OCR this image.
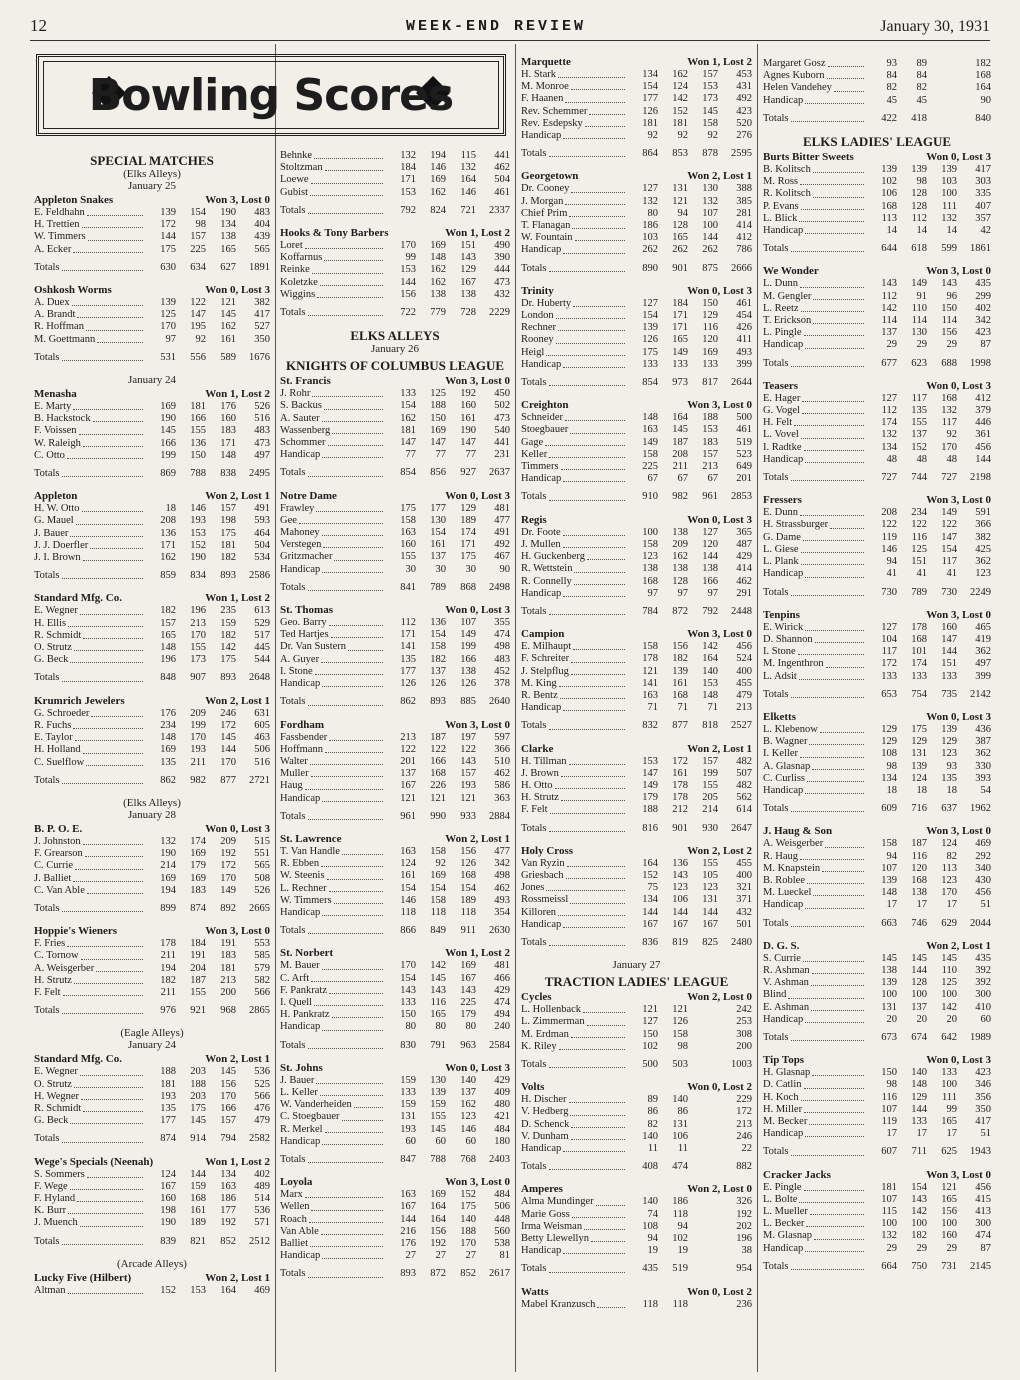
12	WEEK-END REVIEW	January 30, 1931
Bowling Scores
SPECIAL MATCHES
(Elks Alleys)
January 25
Appleton Snakes	Won 3, Lost 0
E. Feldhahn	139	154	190	483
H. Trettien	172	98	134	404
W. Timmers	144	157	138	439
A. Ecker	175	225	165	565
Totals	630	634	627	1891
Oshkosh Worms	Won 0, Lost 3
A. Duex	139	122	121	382
A. Brandt	125	147	145	417
R. Hoffman	170	195	162	527
M. Goettmann	97	92	161	350
Totals	531	556	589	1676
January 24
Menasha	Won 1, Lost 2
E. Marty	169	181	176	526
B. Hackstock	190	166	160	516
F. Voissen	145	155	183	483
W. Raleigh	166	136	171	473
C. Otto	199	150	148	497
Totals	869	788	838	2495
Appleton	Won 2, Lost 1
H. W. Otto	18	146	157	491
G. Mauel	208	193	198	593
J. Bauer	136	153	175	464
J. J. Doerfler	171	152	181	504
J. I. Brown	162	190	182	534
Totals	859	834	893	2586
Standard Mfg. Co.	Won 1, Lost 2
E. Wegner	182	196	235	613
H. Ellis	157	213	159	529
R. Schmidt	165	170	182	517
O. Strutz	148	155	142	445
G. Beck	196	173	175	544
Totals	848	907	893	2648
Krumrich Jewelers	Won 2, Lost 1
G. Schroeder	176	209	246	631
R. Fuchs	234	199	172	605
E. Taylor	148	170	145	463
H. Holland	169	193	144	506
C. Suelflow	135	211	170	516
Totals	862	982	877	2721
(Elks Alleys)
January 28
B. P. O. E.	Won 0, Lost 3
J. Johnston	132	174	209	515
F. Grearson	190	169	192	551
C. Currie	214	179	172	565
J. Balliet	169	169	170	508
C. Van Able	194	183	149	526
Totals	899	874	892	2665
Hoppie's Wieners	Won 3, Lost 0
F. Fries	178	184	191	553
C. Tornow	211	191	183	585
A. Weisgerber	194	204	181	579
H. Strutz	182	187	213	582
F. Felt	211	155	200	566
Totals	976	921	968	2865
(Eagle Alleys)
January 24
Standard Mfg. Co.	Won 2, Lost 1
E. Wegner	188	203	145	536
O. Strutz	181	188	156	525
H. Wegner	193	203	170	566
R. Schmidt	135	175	166	476
G. Beck	177	145	157	479
Totals	874	914	794	2582
Wege's Specials (Neenah)	Won 1, Lost 2
S. Sommers	124	144	134	402
F. Wege	167	159	163	489
F. Hyland	160	168	186	514
K. Burr	198	161	177	536
J. Muench	190	189	192	571
Totals	839	821	852	2512
(Arcade Alleys)
Lucky Five (Hilbert)	Won 2, Lost 1
Altman	152	153	164	469
Behnke	132	194	115	441
Stoltzman	184	146	132	462
Loewe	171	169	164	504
Gubist	153	162	146	461
Totals	792	824	721	2337
Hooks & Tony Barbers	Won 1, Lost 2
Loret	170	169	151	490
Koffarnus	99	148	143	390
Reinke	153	162	129	444
Koletzke	144	162	167	473
Wiggins	156	138	138	432
Totals	722	779	728	2229
ELKS ALLEYS
January 26
KNIGHTS OF COLUMBUS LEAGUE
St. Francis	Won 3, Lost 0
J. Rohr	133	125	192	450
S. Backus	154	188	160	502
A. Sauter	162	150	161	473
Wassenberg	181	169	190	540
Schommer	147	147	147	441
Handicap	77	77	77	231
Totals	854	856	927	2637
Notre Dame	Won 0, Lost 3
Frawley	175	177	129	481
Gee	158	130	189	477
Mahoney	163	154	174	491
Verstegen	160	161	171	492
Gritzmacher	155	137	175	467
Handicap	30	30	30	90
Totals	841	789	868	2498
St. Thomas	Won 0, Lost 3
Geo. Barry	112	136	107	355
Ted Hartjes	171	154	149	474
Dr. Van Sustern	141	158	199	498
A. Guyer	135	182	166	483
I. Stone	177	137	138	452
Handicap	126	126	126	378
Totals	862	893	885	2640
Fordham	Won 3, Lost 0
Fassbender	213	187	197	597
Hoffmann	122	122	122	366
Walter	201	166	143	510
Muller	137	168	157	462
Haug	167	226	193	586
Handicap	121	121	121	363
Totals	961	990	933	2884
St. Lawrence	Won 2, Lost 1
T. Van Handle	163	158	156	477
R. Ebben	124	92	126	342
W. Steenis	161	169	168	498
L. Rechner	154	154	154	462
W. Timmers	146	158	189	493
Handicap	118	118	118	354
Totals	866	849	911	2630
St. Norbert	Won 1, Lost 2
M. Bauer	170	142	169	481
C. Arft	154	145	167	466
F. Pankratz	143	143	143	429
I. Quell	133	116	225	474
H. Pankratz	150	165	179	494
Handicap	80	80	80	240
Totals	830	791	963	2584
St. Johns	Won 0, Lost 3
J. Bauer	159	130	140	429
L. Keller	133	139	137	409
W. Vanderheiden	159	159	162	480
C. Stoegbauer	131	155	123	421
R. Merkel	193	145	146	484
Handicap	60	60	60	180
Totals	847	788	768	2403
Loyola	Won 3, Lost 0
Marx	163	169	152	484
Wellen	167	164	175	506
Roach	144	164	140	448
Van Able	216	156	188	560
Balliet	176	192	170	538
Handicap	27	27	27	81
Totals	893	872	852	2617
Marquette	Won 1, Lost 2
H. Stark	134	162	157	453
M. Monroe	154	124	153	431
F. Haanen	177	142	173	492
Rev. Schemmer	126	152	145	423
Rev. Esdepsky	181	181	158	520
Handicap	92	92	92	276
Totals	864	853	878	2595
Georgetown	Won 2, Lost 1
Dr. Cooney	127	131	130	388
J. Morgan	132	121	132	385
Chief Prim	80	94	107	281
T. Flanagan	186	128	100	414
W. Fountain	103	165	144	412
Handicap	262	262	262	786
Totals	890	901	875	2666
Trinity	Won 0, Lost 3
Dr. Huberty	127	184	150	461
London	154	171	129	454
Rechner	139	171	116	426
Rooney	126	165	120	411
Heigl	175	149	169	493
Handicap	133	133	133	399
Totals	854	973	817	2644
Creighton	Won 3, Lost 0
Schneider	148	164	188	500
Stoegbauer	163	145	153	461
Gage	149	187	183	519
Keller	158	208	157	523
Timmers	225	211	213	649
Handicap	67	67	67	201
Totals	910	982	961	2853
Regis	Won 0, Lost 3
Dr. Foote	100	138	127	365
J. Mullen	158	209	120	487
H. Guckenberg	123	162	144	429
R. Wettstein	138	138	138	414
R. Connelly	168	128	166	462
Handicap	97	97	97	291
Totals	784	872	792	2448
Campion	Won 3, Lost 0
E. Milhaupt	158	156	142	456
F. Schreiter	178	182	164	524
J. Stelpflug	121	139	140	400
M. King	141	161	153	455
R. Bentz	163	168	148	479
Handicap	71	71	71	213
Totals	832	877	818	2527
Clarke	Won 2, Lost 1
H. Tillman	153	172	157	482
J. Brown	147	161	199	507
H. Otto	149	178	155	482
H. Strutz	179	178	205	562
F. Felt	188	212	214	614
Totals	816	901	930	2647
Holy Cross	Won 2, Lost 2
Van Ryzin	164	136	155	455
Griesbach	152	143	105	400
Jones	75	123	123	321
Rossmeissl	134	106	131	371
Killoren	144	144	144	432
Handicap	167	167	167	501
Totals	836	819	825	2480
January 27
TRACTION LADIES' LEAGUE
Cycles	Won 2, Lost 0
L. Hollenback	121	121	242
L. Zimmerman	127	126	253
M. Erdman	150	158	308
K. Riley	102	98	200
Totals	500	503	1003
Volts	Won 0, Lost 2
H. Discher	89	140	229
V. Hedberg	86	86	172
D. Schenck	82	131	213
V. Dunham	140	106	246
Handicap	11	11	22
Totals	408	474	882
Amperes	Won 2, Lost 0
Alma Mundinger	140	186	326
Marie Goss	74	118	192
Irma Weisman	108	94	202
Betty Llewellyn	94	102	196
Handicap	19	19	38
Totals	435	519	954
Watts	Won 0, Lost 2
Mabel Kranzusch	118	118	236
Margaret Gosz	93	89	182
Agnes Kuborn	84	84	168
Helen Vandehey	82	82	164
Handicap	45	45	90
Totals	422	418	840
ELKS LADIES' LEAGUE
Burts Bitter Sweets	Won 0, Lost 3
B. Kolitsch	139	139	139	417
M. Ross	102	98	103	303
R. Kolitsch	106	128	100	335
P. Evans	168	128	111	407
L. Blick	113	112	132	357
Handicap	14	14	14	42
Totals	644	618	599	1861
We Wonder	Won 3, Lost 0
L. Dunn	143	149	143	435
M. Gengler	112	91	96	299
L. Reetz	142	110	150	402
T. Erickson	114	114	114	342
L. Pingle	137	130	156	423
Handicap	29	29	29	87
Totals	677	623	688	1998
Teasers	Won 0, Lost 3
E. Hager	127	117	168	412
G. Vogel	112	135	132	379
H. Felt	174	155	117	446
L. Vovel	132	137	92	361
I. Radtke	134	152	170	456
Handicap	48	48	48	144
Totals	727	744	727	2198
Fressers	Won 3, Lost 0
E. Dunn	208	234	149	591
H. Strassburger	122	122	122	366
G. Dame	119	116	147	382
L. Giese	146	125	154	425
L. Plank	94	151	117	362
Handicap	41	41	41	123
Totals	730	789	730	2249
Tenpins	Won 3, Lost 0
E. Wirick	127	178	160	465
D. Shannon	104	168	147	419
I. Stone	117	101	144	362
M. Ingenthron	172	174	151	497
L. Adsit	133	133	133	399
Totals	653	754	735	2142
Elketts	Won 0, Lost 3
L. Klebenow	129	175	139	436
B. Wagner	129	129	129	387
I. Keller	108	131	123	362
A. Glasnap	98	139	93	330
C. Curliss	134	124	135	393
Handicap	18	18	18	54
Totals	609	716	637	1962
J. Haug & Son	Won 3, Lost 0
A. Weisgerber	158	187	124	469
R. Haug	94	116	82	292
M. Knapstein	107	120	113	340
B. Roblee	139	168	123	430
M. Lueckel	148	138	170	456
Handicap	17	17	17	51
Totals	663	746	629	2044
D. G. S.	Won 2, Lost 1
S. Currie	145	145	145	435
R. Ashman	138	144	110	392
V. Ashman	139	128	125	392
Blind	100	100	100	300
E. Ashman	131	137	142	410
Handicap	20	20	20	60
Totals	673	674	642	1989
Tip Tops	Won 0, Lost 3
H. Glasnap	150	140	133	423
D. Catlin	98	148	100	346
H. Koch	116	129	111	356
H. Miller	107	144	99	350
M. Becker	119	133	165	417
Handicap	17	17	17	51
Totals	607	711	625	1943
Cracker Jacks	Won 3, Lost 0
E. Pingle	181	154	121	456
L. Bolte	107	143	165	415
L. Mueller	115	142	156	413
L. Becker	100	100	100	300
M. Glasnap	132	182	160	474
Handicap	29	29	29	87
Totals	664	750	731	2145
